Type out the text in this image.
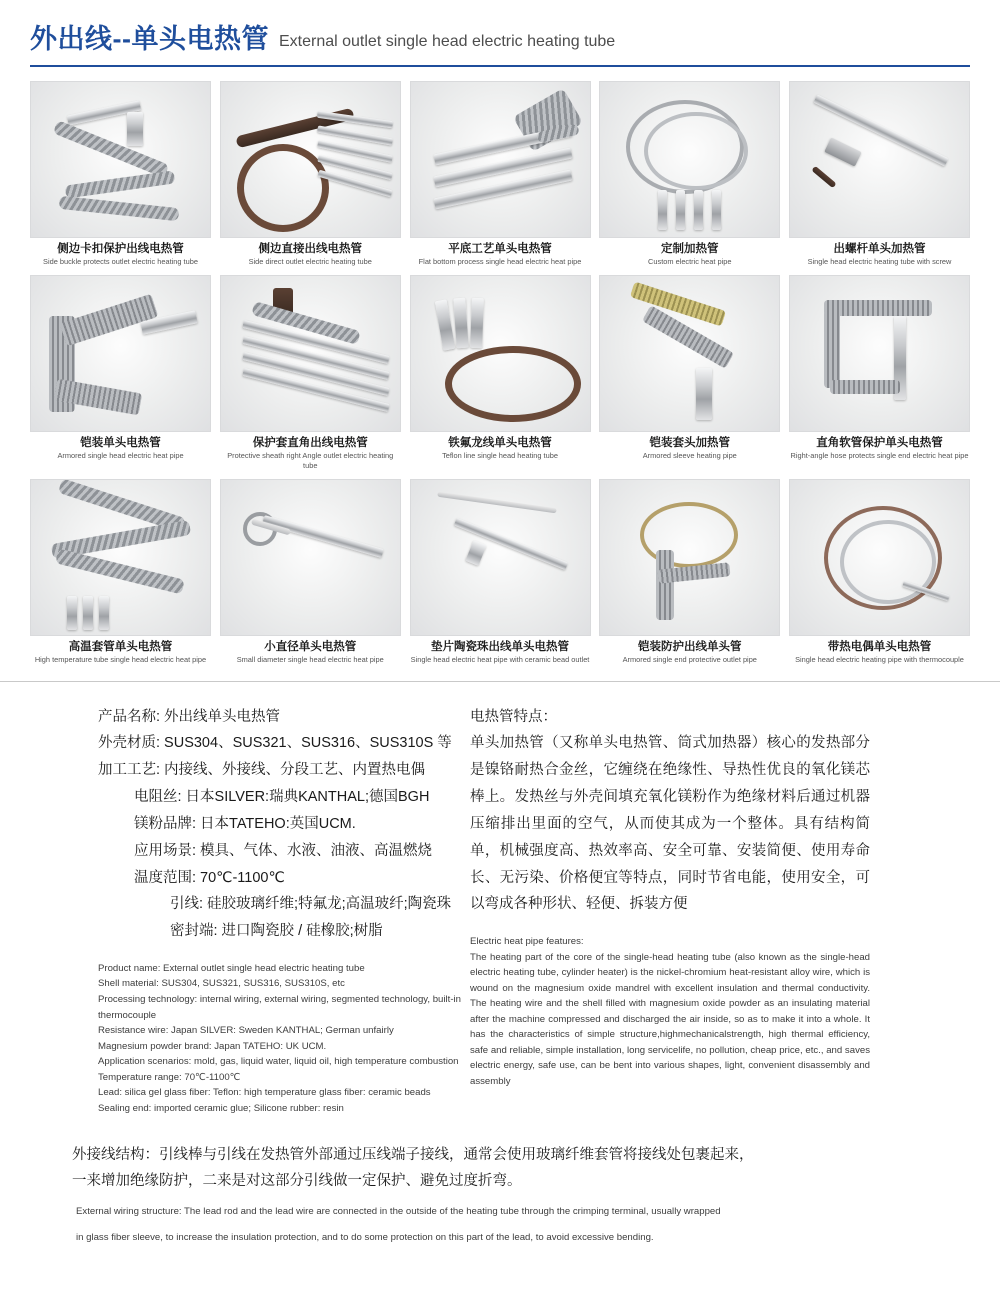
外出线--单头电热管 External outlet single head electric heating tube
侧边卡扣保护出线电热管
Side buckle protects outlet electric heating tube
侧边直接出线电热管
Side direct outlet electric heating tube
平底工艺单头电热管
Flat bottom process single head electric heat pipe
定制加热管
Custom electric heat pipe
出螺杆单头加热管
Single head electric heating tube with screw
铠装单头电热管
Armored single head electric heat pipe
保护套直角出线电热管
Protective sheath right Angle outlet electric heating tube
铁氟龙线单头电热管
Teflon line single head heating tube
铠装套头加热管
Armored sleeve heating pipe
直角软管保护单头电热管
Right-angle hose protects single end electric heat pipe
高温套管单头电热管
High temperature tube single head electric heat pipe
小直径单头电热管
Small diameter single head electric heat pipe
垫片陶瓷珠出线单头电热管
Single head electric heat pipe with ceramic bead outlet
铠装防护出线单头管
Armored single end protective outlet pipe
带热电偶单头电热管
Single head electric heating pipe with thermocouple
产品名称: 外出线单头电热管
外壳材质: SUS304、SUS321、SUS316、SUS310S 等
加工工艺: 内接线、外接线、分段工艺、内置热电偶
电阻丝: 日本SILVER:瑞典KANTHAL;德国BGH
镁粉品牌: 日本TATEHO:英国UCM.
应用场景: 模具、气体、水液、油液、高温燃烧
温度范围: 70℃-1100℃
引线: 硅胶玻璃纤维;特氟龙;高温玻纤;陶瓷珠
密封端: 进口陶瓷胶 / 硅橡胶;树脂
Product name: External outlet single head electric heating tube
Shell material: SUS304, SUS321, SUS316, SUS310S, etc
Processing technology: internal wiring, external wiring, segmented technology, built-in thermocouple
Resistance wire: Japan SILVER: Sweden KANTHAL; German unfairly
Magnesium powder brand: Japan TATEHO: UK UCM.
Application scenarios: mold, gas, liquid water, liquid oil, high temperature combustion
Temperature range: 70℃-1100℃
Lead: silica gel glass fiber: Teflon: high temperature glass fiber: ceramic beads
Sealing end: imported ceramic glue; Silicone rubber: resin
电热管特点：
单头加热管（又称单头电热管、筒式加热器）核心的发热部分是镍铬耐热合金丝，它缠绕在绝缘性、导热性优良的氧化镁芯棒上。发热丝与外壳间填充氧化镁粉作为绝缘材料后通过机器压缩排出里面的空气，从而使其成为一个整体。具有结构简单，机械强度高、热效率高、安全可靠、安装简便、使用寿命长、无污染、价格便宜等特点，同时节省电能，使用安全，可以弯成各种形状、轻便、拆装方便
Electric heat pipe features:
The heating part of the core of the single-head heating tube (also known as the single-head electric heating tube, cylinder heater) is the nickel-chromium heat-resistant alloy wire, which is wound on the magnesium oxide mandrel with excellent insulation and thermal conductivity. The heating wire and the shell filled with magnesium oxide powder as an insulating material after the machine compressed and discharged the air inside, so as to make it into a whole. It has the characteristics of simple structure,highmechanicalstrength, high thermal efficiency, safe and reliable, simple installation, long servicelife, no pollution, cheap price, etc., and saves electric energy, safe use, can be bent into various shapes, light, convenient disassembly and assembly
外接线结构：引线棒与引线在发热管外部通过压线端子接线，通常会使用玻璃纤维套管将接线处包裹起来，
一来增加绝缘防护，二来是对这部分引线做一定保护、避免过度折弯。
External wiring structure: The lead rod and the lead wire are connected in the outside of the heating tube through the crimping terminal, usually wrapped
in glass fiber sleeve, to increase the insulation protection, and to do some protection on this part of the lead, to avoid excessive bending.
